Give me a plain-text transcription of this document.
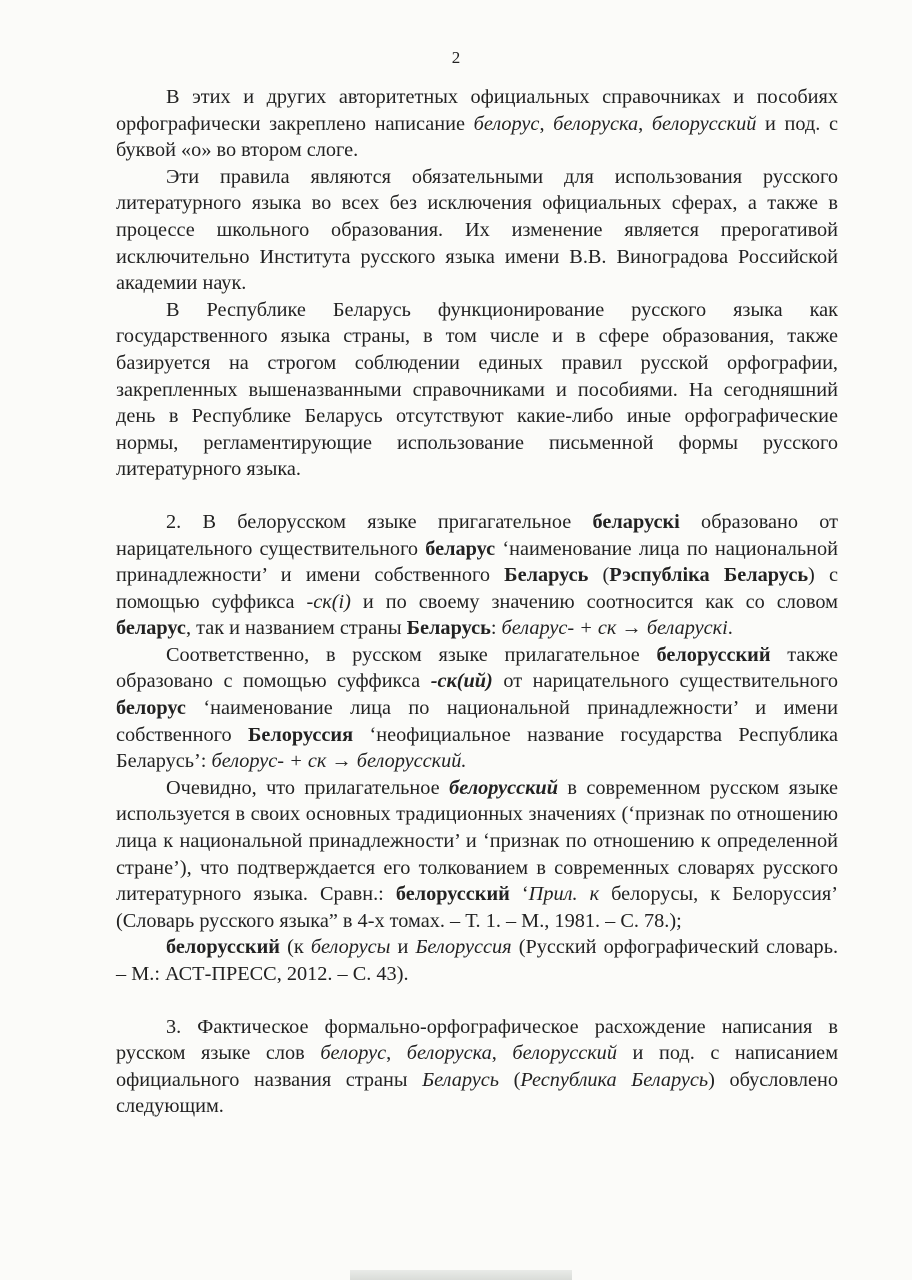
2

В этих и других авторитетных официальных справочниках и пособиях орфографически закреплено написание белорус, белоруска, белорусский и под. с буквой «о» во втором слоге.

Эти правила являются обязательными для использования русского литературного языка во всех без исключения официальных сферах, а также в процессе школьного образования. Их изменение является прерогативой исключительно Института русского языка имени В.В. Виноградова Российской академии наук.

В Республике Беларусь функционирование русского языка как государственного языка страны, в том числе и в сфере образования, также базируется на строгом соблюдении единых правил русской орфографии, закрепленных вышеназванными справочниками и пособиями. На сегодняшний день в Республике Беларусь отсутствуют какие-либо иные орфографические нормы, регламентирующие использование письменной формы русского литературного языка.

2. В белорусском языке пригагательное беларускі образовано от нарицательного существительного беларус ‘наименование лица по национальной принадлежности’ и имени собственного Беларусь (Рэспубліка Беларусь) с помощью суффикса -ск(і) и по своему значению соотносится как со словом беларус, так и названием страны Беларусь: беларус- + ск → беларускі.

Соответственно, в русском языке прилагательное белорусский также образовано с помощью суффикса -ск(ий) от нарицательного существительного белорус ‘наименование лица по национальной принадлежности’ и имени собственного Белоруссия ‘неофициальное название государства Республика Беларусь’: белорус- + ск → белорусский.

Очевидно, что прилагательное белорусский в современном русском языке используется в своих основных традиционных значениях (‘признак по отношению лица к национальной принадлежности’ и ‘признак по отношению к определенной стране’), что подтверждается его толкованием в современных словарях русского литературного языка. Сравн.: белорусский ‘Прил. к белорусы, к Белоруссия’ (Словарь русского языка” в 4-х томах. – Т. 1. – М., 1981. – С. 78.);

белорусский (к белорусы и Белоруссия (Русский орфографический словарь. – М.: АСТ-ПРЕСС, 2012. – С. 43).

3. Фактическое формально-орфографическое расхождение написания в русском языке слов белорус, белоруска, белорусский и под. с написанием официального названия страны Беларусь (Республика Беларусь) обусловлено следующим.
